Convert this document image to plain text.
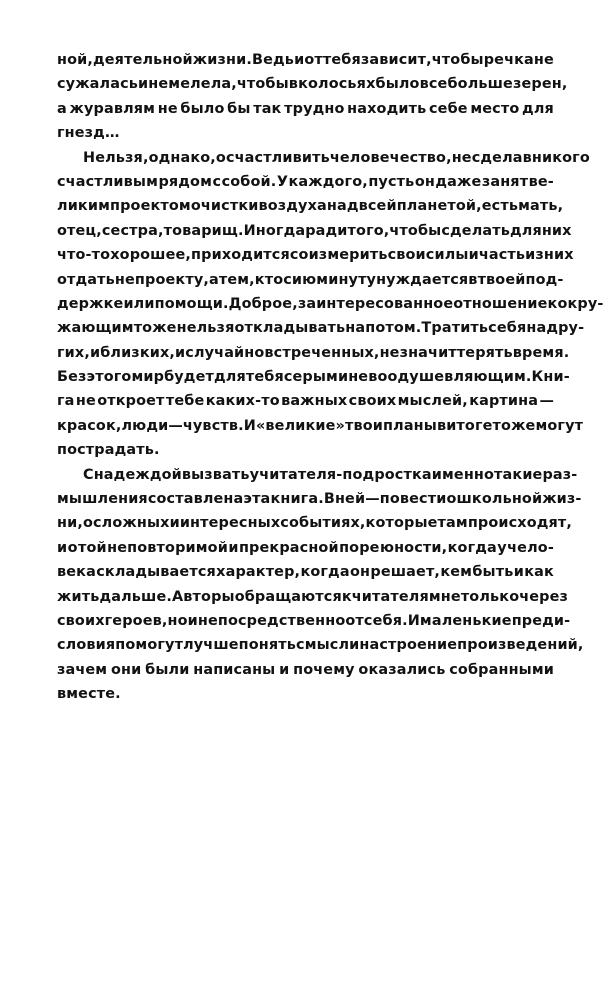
ной, деятельной жизни. Ведь и от тебя зависит, чтобы речка не
сужалась и не мелела, чтобы в колосьях было все больше зерен,
а журавлям не было бы так трудно находить себе место для
гнезд…
Нельзя, однако, осчастливить человечество, не сделав никого
счастливым рядом с собой. У каждого, пусть он даже занят ве-
ликим проектом очистки воздуха над всей планетой, есть мать,
отец, сестра, товарищ. Иногда ради того, чтобы сделать для них
что-то хорошее, приходится соизмерить свои силы и часть из них
отдать не проекту, а тем, кто сию минуту нуждается в твоей под-
держке или помощи. Доброе, заинтересованное отношение к окру-
жающим тоже нельзя откладывать на потом. Тратить себя на дру-
гих, и близких, и случайно встреченных, не значит терять время.
Без этого мир будет для тебя серым и невоодушевляющим. Кни-
га не откроет тебе каких-то важных своих мыслей, картина —
красок, люди — чувств. И «великие» твои планы в итоге тоже могут
пострадать.
С надеждой вызвать у читателя-подростка именно такие раз-
мышления составлена эта книга. В ней — повести о школьной жиз-
ни, о сложных и интересных событиях, которые там происходят,
и о той неповторимой и прекрасной поре юности, когда у чело-
века складывается характер, когда он решает, кем быть и как
жить дальше. Авторы обращаются к читателям не только через
своих героев, но и непосредственно от себя. И маленькие преди-
словия помогут лучше понять смысл и настроение произведений,
зачем они были написаны и почему оказались собранными
вместе.
